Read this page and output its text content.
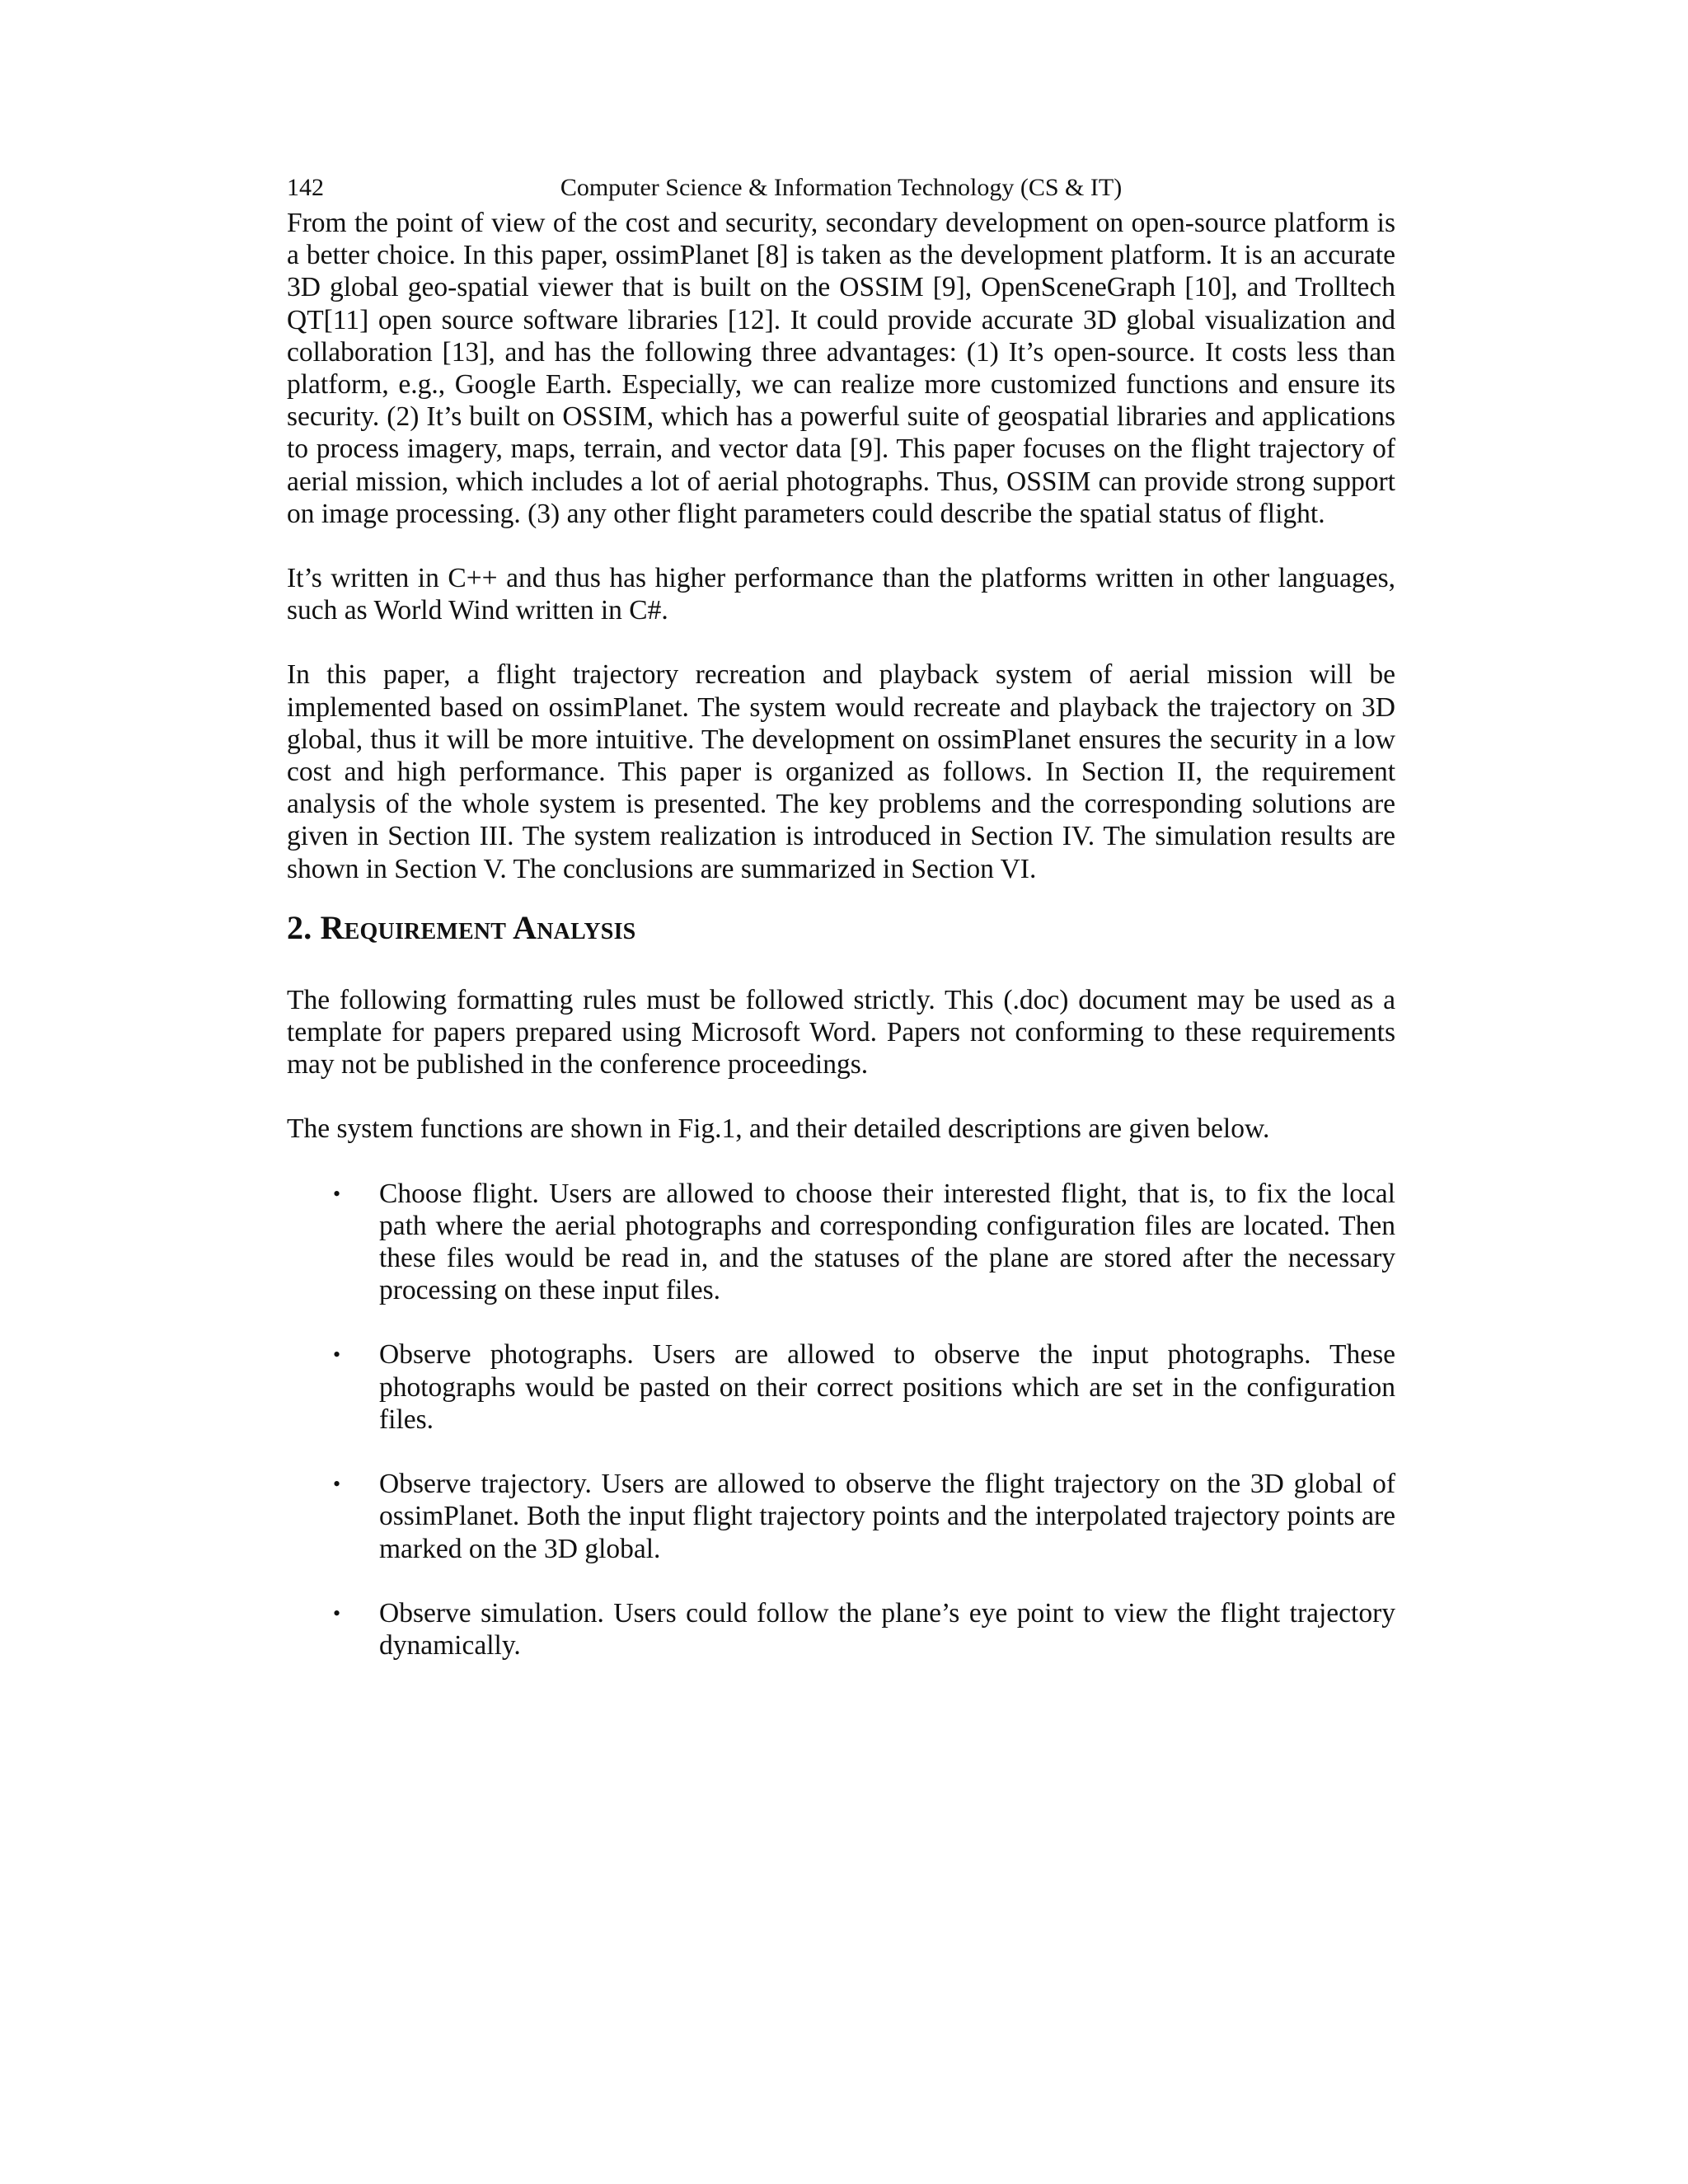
142	Computer Science & Information Technology (CS & IT)

From the point of view of the cost and security, secondary development on open-source platform is a better choice. In this paper, ossimPlanet [8] is taken as the development platform. It is an accurate 3D global geo-spatial viewer that is built on the OSSIM [9], OpenSceneGraph [10], and Trolltech QT[11] open source software libraries [12]. It could provide accurate 3D global visualization and collaboration [13], and has the following three advantages: (1) It’s open-source. It costs less than platform, e.g., Google Earth. Especially, we can realize more customized functions and ensure its security. (2) It’s built on OSSIM, which has a powerful suite of geospatial libraries and applications to process imagery, maps, terrain, and vector data [9]. This paper focuses on the flight trajectory of aerial mission, which includes a lot of aerial photographs. Thus, OSSIM can provide strong support on image processing. (3) any other flight parameters could describe the spatial status of flight.

It’s written in C++ and thus has higher performance than the platforms written in other languages, such as World Wind written in C#.

In this paper, a flight trajectory recreation and playback system of aerial mission will be implemented based on ossimPlanet. The system would recreate and playback the trajectory on 3D global, thus it will be more intuitive. The development on ossimPlanet ensures the security in a low cost and high performance. This paper is organized as follows. In Section II, the requirement analysis of the whole system is presented. The key problems and the corresponding solutions are given in Section III. The system realization is introduced in Section IV. The simulation results are shown in Section V. The conclusions are summarized in Section VI.

2. Requirement Analysis

The following formatting rules must be followed strictly. This (.doc) document may be used as a template for papers prepared using Microsoft Word. Papers not conforming to these requirements may not be published in the conference proceedings.

The system functions are shown in Fig.1, and their detailed descriptions are given below.

• Choose flight. Users are allowed to choose their interested flight, that is, to fix the local path where the aerial photographs and corresponding configuration files are located. Then these files would be read in, and the statuses of the plane are stored after the necessary processing on these input files.
• Observe photographs. Users are allowed to observe the input photographs. These photographs would be pasted on their correct positions which are set in the configuration files.
• Observe trajectory. Users are allowed to observe the flight trajectory on the 3D global of ossimPlanet. Both the input flight trajectory points and the interpolated trajectory points are marked on the 3D global.
• Observe simulation. Users could follow the plane’s eye point to view the flight trajectory dynamically.
